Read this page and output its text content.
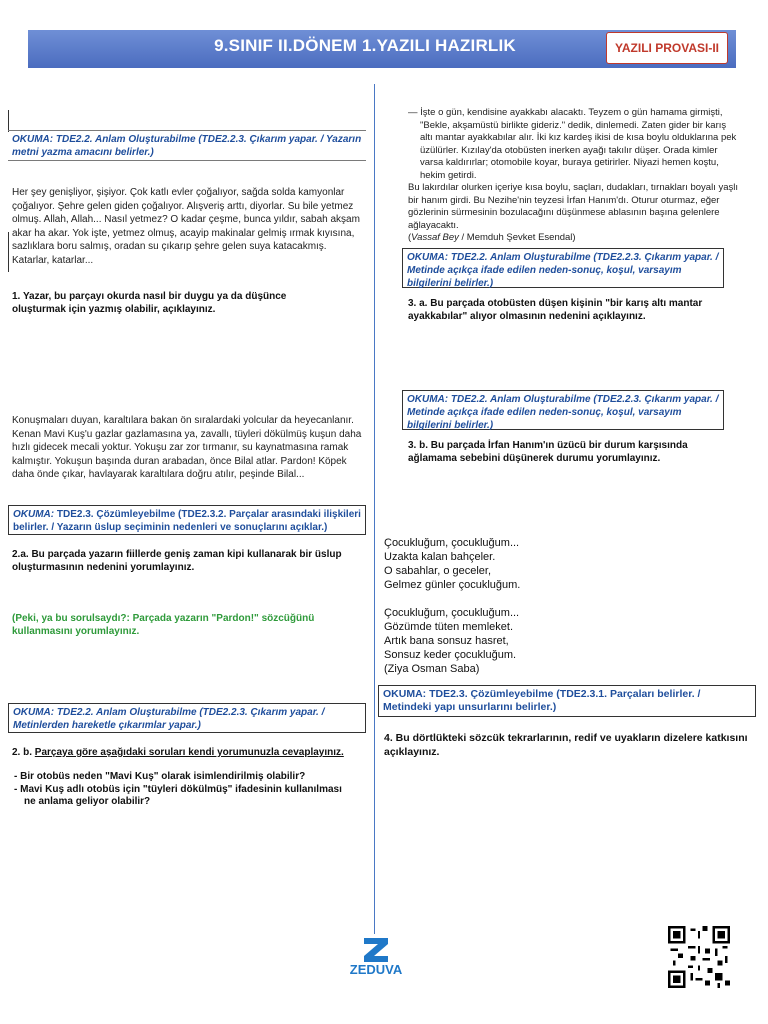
9.SINIF II.DÖNEM 1.YAZILI HAZIRLIK	YAZILI PROVASI-II
OKUMA: TDE2.2. Anlam Oluşturabilme (TDE2.2.3. Çıkarım yapar. / Yazarın metni yazma amacını belirler.)
Her şey genişliyor, şişiyor. Çok katlı evler çoğalıyor, sağda solda kamyonlar çoğalıyor. Şehre gelen giden çoğalıyor. Alışveriş arttı, diyorlar. Su bile yetmez olmuş. Allah, Allah... Nasıl yetmez? O kadar çeşme, bunca yıldır, sabah akşam akar ha akar. Yok işte, yetmez olmuş, acayip makinalar gelmiş ırmak kıyısına, sazlıklara boru salmış, oradan su çıkarıp şehre gelen suya katacakmış. Katarlar, katarlar...
1. Yazar, bu parçayı okurda nasıl bir duygu ya da düşünce oluşturmak için yazmış olabilir, açıklayınız.
Konuşmaları duyan, karaltılara bakan ön sıralardaki yolcular da heyecanlanır. Kenan Mavi Kuş'u gazlar gazlamasına ya, zavallı, tüyleri dökülmüş kuşun daha hızlı gidecek mecali yoktur. Yokuşu zar zor tırmanır, su kaynatmasına ramak kalmıştır. Yokuşun başında duran arabadan, önce Bilal atlar. Pardon! Köpek daha önde çıkar, havlayarak karaltılara doğru atılır, peşinde Bilal...
OKUMA: TDE2.3. Çözümleyebilme (TDE2.3.2. Parçalar arasındaki ilişkileri belirler. / Yazarın üslup seçiminin nedenleri ve sonuçlarını açıklar.)
2.a. Bu parçada yazarın fiillerde geniş zaman kipi kullanarak bir üslup oluşturmasının nedenini yorumlayınız.
(Peki, ya bu sorulsaydı?: Parçada yazarın "Pardon!" sözcüğünü kullanmasını yorumlayınız.
OKUMA: TDE2.2. Anlam Oluşturabilme (TDE2.2.3. Çıkarım yapar. / Metinlerden hareketle çıkarımlar yapar.)
2. b. Parçaya göre aşağıdaki soruları kendi yorumunuzla cevaplayınız.
- Bir otobüs neden "Mavi Kuş" olarak isimlendirilmiş olabilir?
- Mavi Kuş adlı otobüs için "tüyleri dökülmüş" ifadesinin kullanılması ne anlama geliyor olabilir?
— İşte o gün, kendisine ayakkabı alacaktı. Teyzem o gün hamama girmişti,
"Bekle, akşamüstü birlikte gideriz." dedik, dinlemedi. Zaten gider bir karış altı mantar ayakkabılar alır. İki kız kardeş ikisi de kısa boylu olduklarına pek üzülürler. Kızılay'da otobüsten inerken ayağı takılır düşer. Orada kimler varsa kaldırırlar; otomobile koyar, buraya getirirler. Niyazi hemen koştu, hekim getirdi.
Bu lakırdılar olurken içeriye kısa boylu, saçları, dudakları, tırnakları boyalı yaşlı bir hanım girdi. Bu Nezihe'nin teyzesi İrfan Hanım'dı. Oturur oturmaz, eğer gözlerinin sürmesinin bozulacağını düşünmese ablasının başına gelenlere ağlayacaktı.
(Vassaf Bey / Memduh Şevket Esendal)
OKUMA: TDE2.2. Anlam Oluşturabilme (TDE2.2.3. Çıkarım yapar. / Metinde açıkça ifade edilen neden-sonuç, koşul, varsayım bilgilerini belirler.)
3. a. Bu parçada otobüsten düşen kişinin "bir karış altı mantar ayakkabılar" alıyor olmasının nedenini açıklayınız.
OKUMA: TDE2.2. Anlam Oluşturabilme (TDE2.2.3. Çıkarım yapar. / Metinde açıkça ifade edilen neden-sonuç, koşul, varsayım bilgilerini belirler.)
3. b. Bu parçada İrfan Hanım'ın üzücü bir durum karşısında ağlamama sebebini düşünerek durumu yorumlayınız.
Çocukluğum, çocukluğum...
Uzakta kalan bahçeler.
O sabahlar, o geceler,
Gelmez günler çocukluğum.
Çocukluğum, çocukluğum...
Gözümde tüten memleket.
Artık bana sonsuz hasret,
Sonsuz keder çocukluğum.
(Ziya Osman Saba)
OKUMA: TDE2.3. Çözümleyebilme (TDE2.3.1. Parçaları belirler. / Metindeki yapı unsurlarını belirler.)
4. Bu dörtlükteki sözcük tekrarlarının, redif ve uyakların dizelere katkısını açıklayınız.
ZEDUVA
